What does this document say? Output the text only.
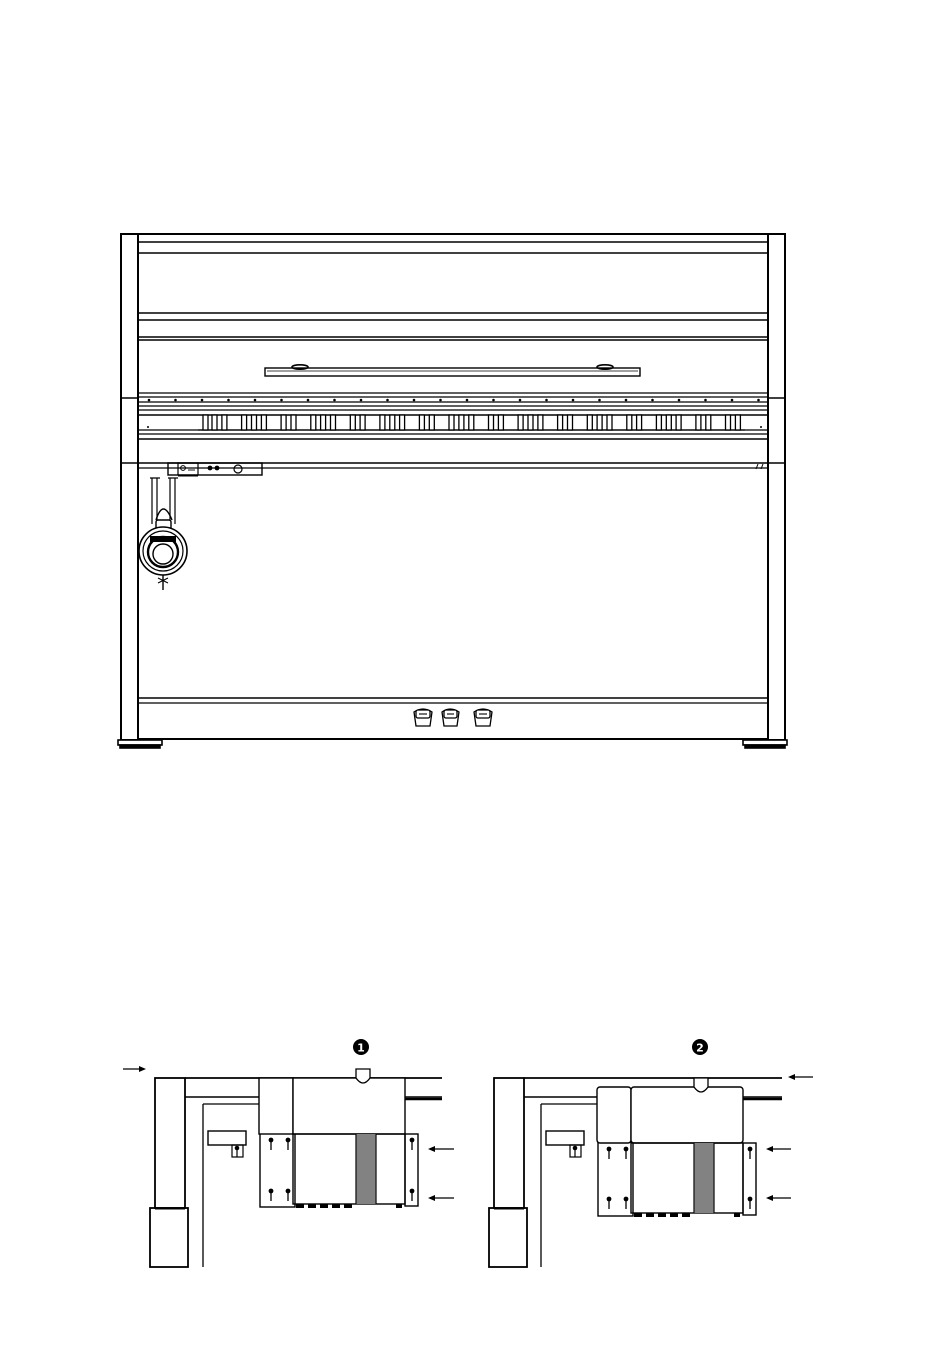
1	2
